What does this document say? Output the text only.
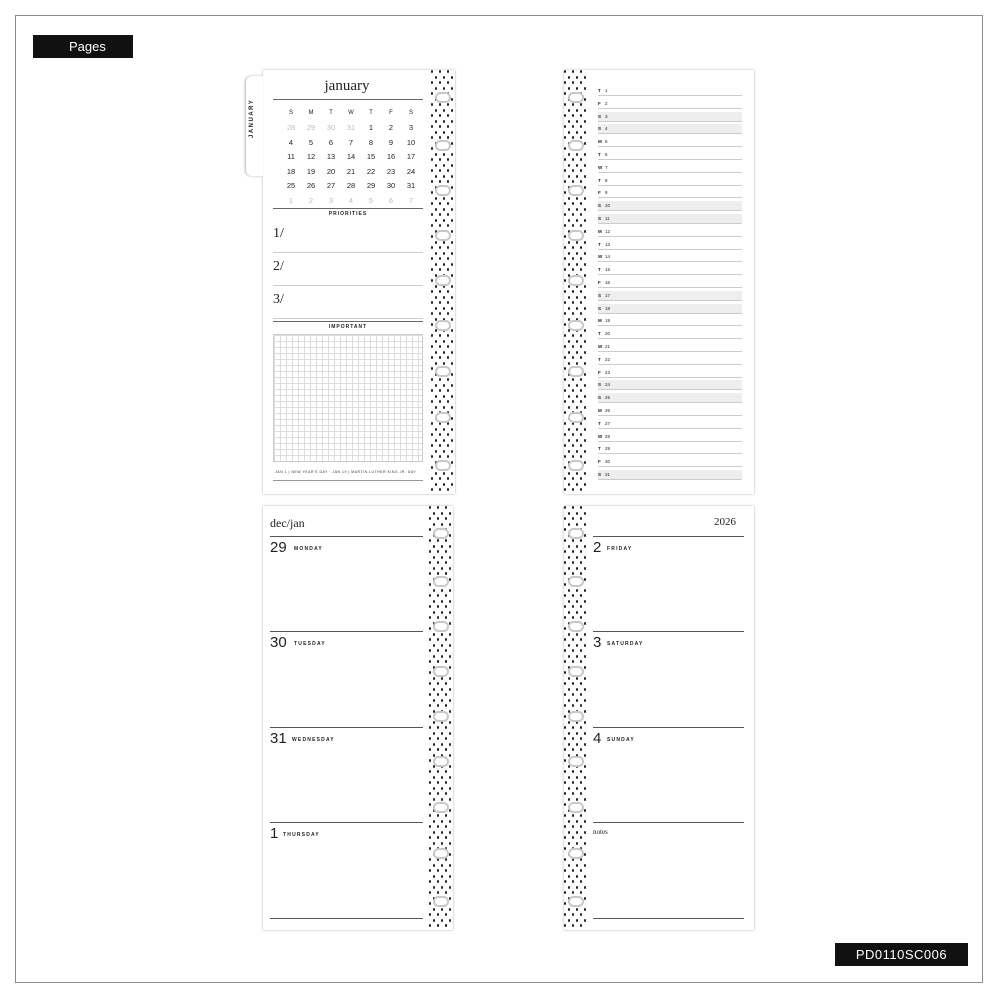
Pages
PD0110SC006
JANUARY
january
S	M	T	W	T	F	S
28	29	30	31	1	2	3
4	5	6	7	8	9	10
11	12	13	14	15	16	17
18	19	20	21	22	23	24
25	26	27	28	29	30	31
1	2	3	4	5	6	7
PRIORITIES
1/
2/
3/
IMPORTANT
JAN 1 | NEW YEAR'S DAY · JAN 19 | MARTIN LUTHER KING JR. DAY
T 1
F 2
S 3
S 4
M 5
T 6
W 7
T 8
F 9
S 10
S 11
M 12
T 13
W 14
T 15
F 16
S 17
S 18
M 19
T 20
W 21
T 22
F 23
S 24
S 25
M 26
T 27
W 28
T 29
F 30
S 31
dec/jan
29 MONDAY
30 TUESDAY
31 WEDNESDAY
1 THURSDAY
2026
2 FRIDAY
3 SATURDAY
4 SUNDAY
notes
